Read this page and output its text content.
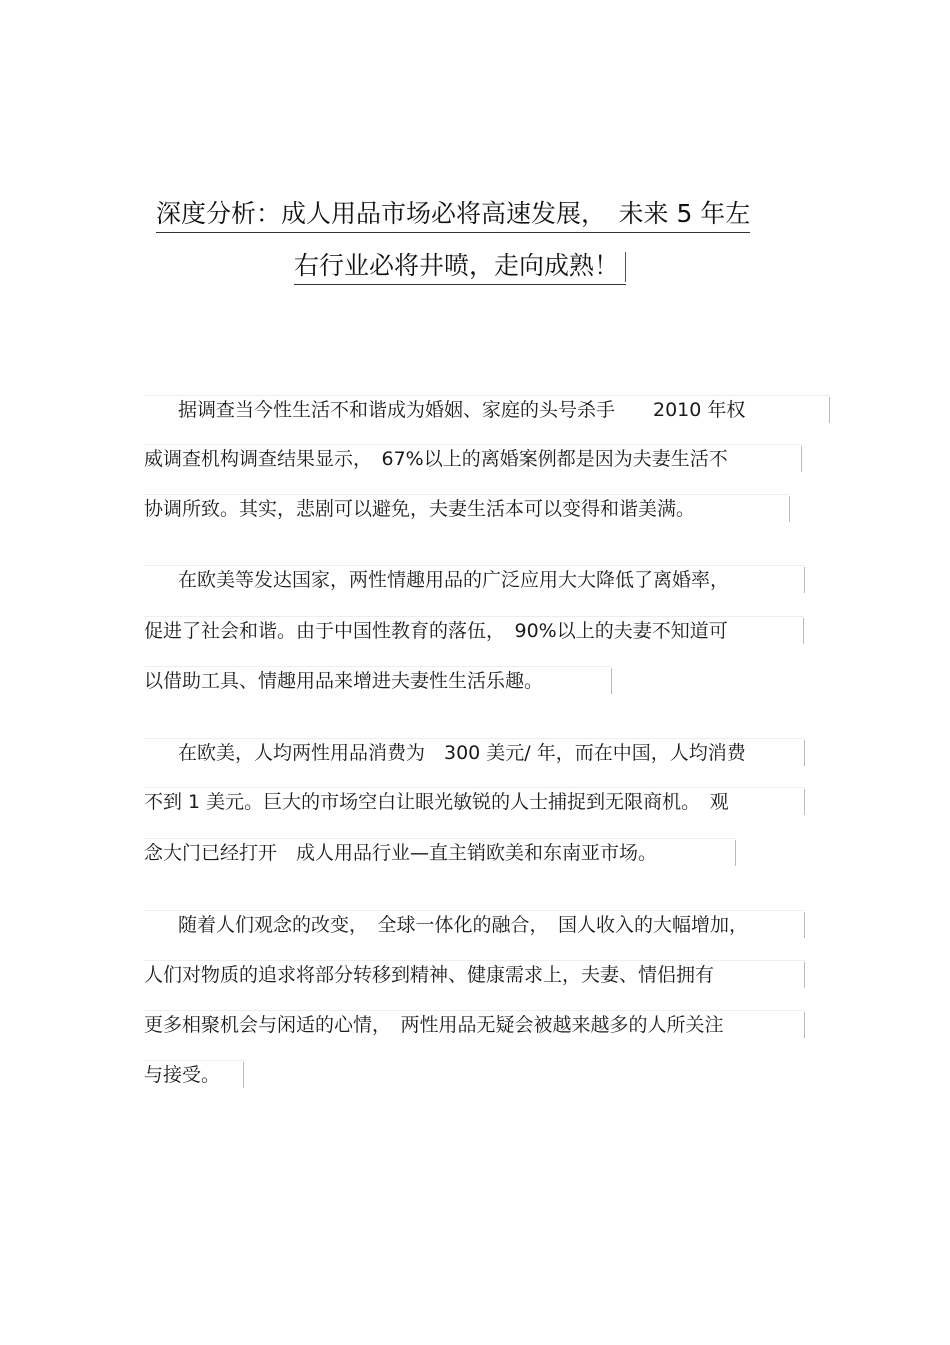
深度分析：成人用品市场必将高速发展，　未来 5 年左
右行业必将井喷，走向成熟！
据调查当今性生活不和谐成为婚姻、家庭的头号杀手　　2010 年权
威调查机构调查结果显示，　67%以上的离婚案例都是因为夫妻生活不
协调所致。其实，悲剧可以避免，夫妻生活本可以变得和谐美满。
在欧美等发达国家，两性情趣用品的广泛应用大大降低了离婚率，
促进了社会和谐。由于中国性教育的落伍，　90%以上的夫妻不知道可
以借助工具、情趣用品来增进夫妻性生活乐趣。
在欧美，人均两性用品消费为　300 美元/ 年，而在中国，人均消费
不到 1 美元。巨大的市场空白让眼光敏锐的人士捕捉到无限商机。　观
念大门已经打开　成人用品行业—直主销欧美和东南亚市场。
随着人们观念的改变，　全球一体化的融合，　国人收入的大幅增加，
人们对物质的追求将部分转移到精神、健康需求上，夫妻、情侣拥有
更多相聚机会与闲适的心情，　两性用品无疑会被越来越多的人所关注
与接受。
